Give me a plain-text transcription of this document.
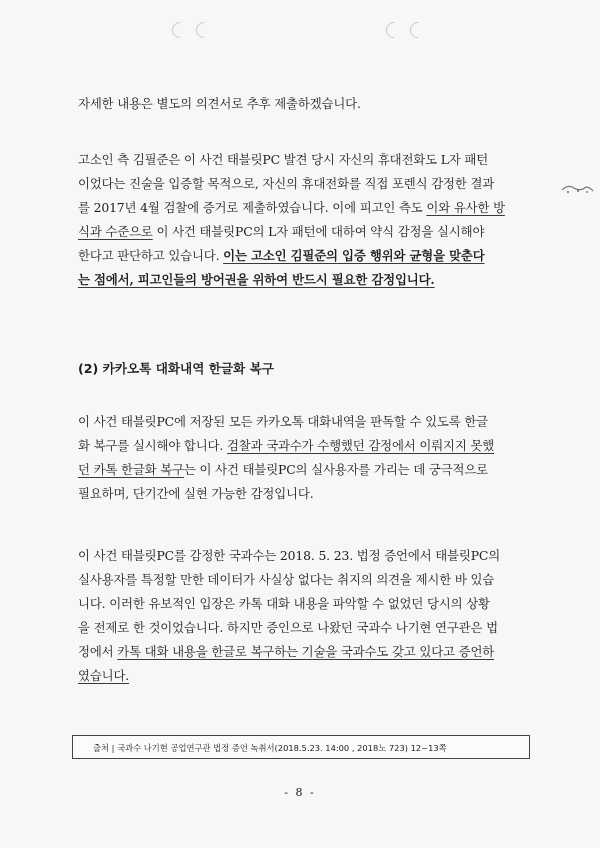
자세한 내용은 별도의 의견서로 추후 제출하겠습니다.
고소인 측 김필준은 이 사건 태블릿PC 발견 당시 자신의 휴대전화도 L자 패턴
이었다는 진술을 입증할 목적으로, 자신의 휴대전화를 직접 포렌식 감정한 결과
를 2017년 4월 검찰에 증거로 제출하였습니다. 이에 피고인 측도 이와 유사한 방
식과 수준으로 이 사건 태블릿PC의 L자 패턴에 대하여 약식 감정을 실시해야
한다고 판단하고 있습니다. 이는 고소인 김필준의 입증 행위와 균형을 맞춘다
는 점에서, 피고인들의 방어권을 위하여 반드시 필요한 감정입니다.
(2) 카카오톡 대화내역 한글화 복구
이 사건 태블릿PC에 저장된 모든 카카오톡 대화내역을 판독할 수 있도록 한글
화 복구를 실시해야 합니다. 검찰과 국과수가 수행했던 감정에서 이뤄지지 못했
던 카톡 한글화 복구는 이 사건 태블릿PC의 실사용자를 가리는 데 궁극적으로
필요하며, 단기간에 실현 가능한 감정입니다.
이 사건 태블릿PC를 감정한 국과수는 2018. 5. 23. 법정 증언에서 태블릿PC의
실사용자를 특정할 만한 데이터가 사실상 없다는 취지의 의견을 제시한 바 있습
니다. 이러한 유보적인 입장은 카톡 대화 내용을 파악할 수 없었던 당시의 상황
을 전제로 한 것이었습니다. 하지만 증인으로 나왔던 국과수 나기현 연구관은 법
정에서 카톡 대화 내용을 한글로 복구하는 기술을 국과수도 갖고 있다고 증언하
였습니다.
출처 | 국과수 나기현 공업연구관 법정 증언 녹취서(2018.5.23. 14:00 , 2018노 723) 12~13쪽
- 8 -
